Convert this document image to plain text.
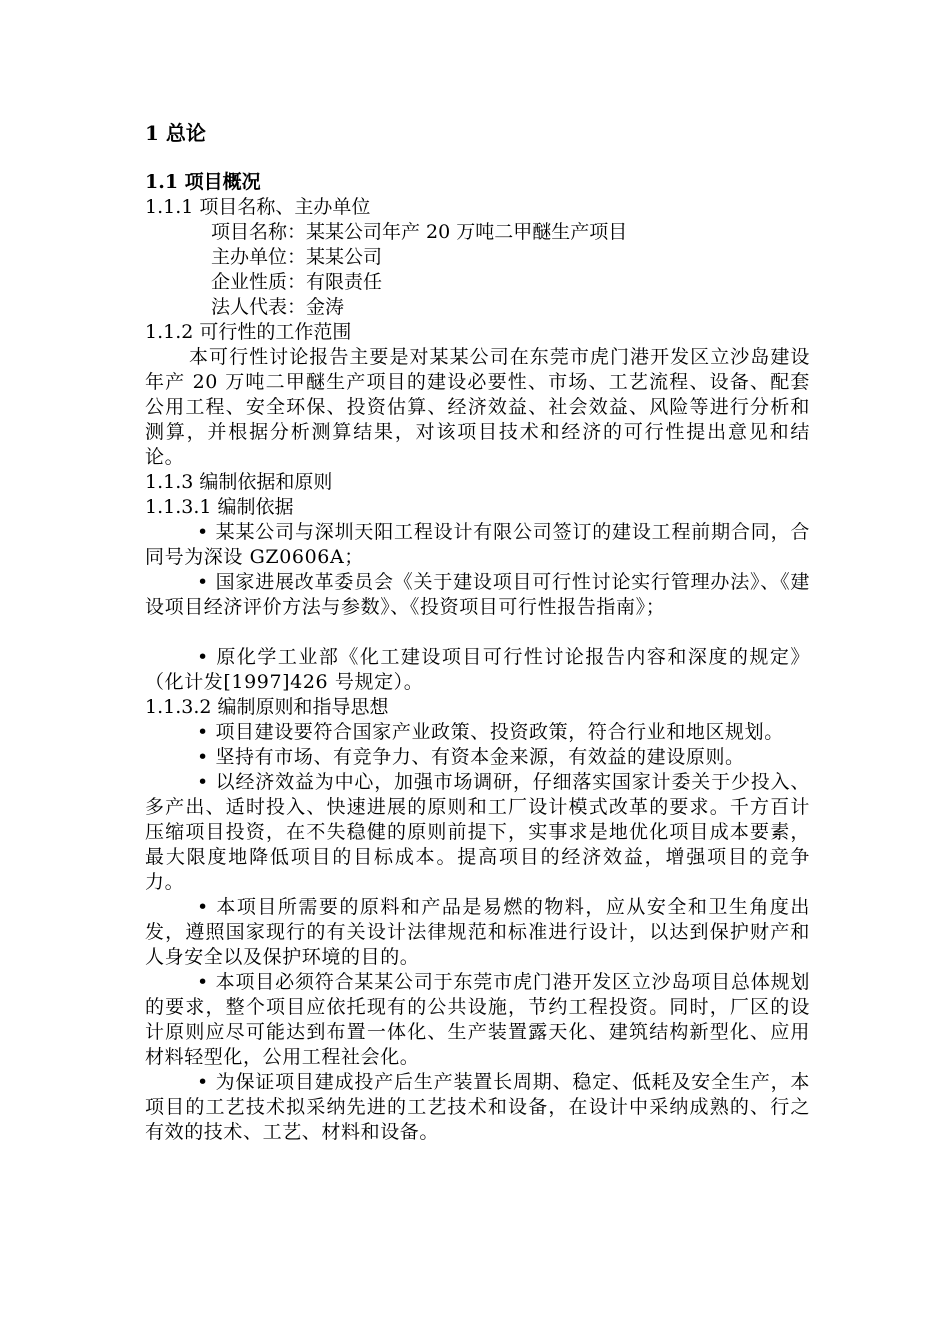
1 总论
1.1 项目概况
1.1.1 项目名称、主办单位
项目名称：某某公司年产 20 万吨二甲醚生产项目
主办单位：某某公司
企业性质：有限责任
法人代表：金涛
1.1.2 可行性的工作范围

本可行性讨论报告主要是对某某公司在东莞市虎门港开发区立沙岛建设年产 20 万吨二甲醚生产项目的建设必要性、市场、工艺流程、设备、配套公用工程、安全环保、投资估算、经济效益、社会效益、风险等进行分析和测算，并根据分析测算结果，对该项目技术和经济的可行性提出意见和结论。

1.1.3 编制依据和原则
1.1.3.1 编制依据

• 某某公司与深圳天阳工程设计有限公司签订的建设工程前期合同，合同号为深设 GZ0606A；

• 国家进展改革委员会《关于建设项目可行性讨论实行管理办法》、《建设项目经济评价方法与参数》、《投资项目可行性报告指南》；

• 原化学工业部《化工建设项目可行性讨论报告内容和深度的规定》（化计发[1997]426 号规定）。

1.1.3.2 编制原则和指导思想

• 项目建设要符合国家产业政策、投资政策，符合行业和地区规划。

• 坚持有市场、有竞争力、有资本金来源，有效益的建设原则。

• 以经济效益为中心，加强市场调研，仔细落实国家计委关于少投入、多产出、适时投入、快速进展的原则和工厂设计模式改革的要求。千方百计压缩项目投资，在不失稳健的原则前提下，实事求是地优化项目成本要素，最大限度地降低项目的目标成本。提高项目的经济效益，增强项目的竞争力。

• 本项目所需要的原料和产品是易燃的物料，应从安全和卫生角度出发，遵照国家现行的有关设计法律规范和标准进行设计，以达到保护财产和人身安全以及保护环境的目的。

• 本项目必须符合某某公司于东莞市虎门港开发区立沙岛项目总体规划的要求，整个项目应依托现有的公共设施，节约工程投资。同时，厂区的设计原则应尽可能达到布置一体化、生产装置露天化、建筑结构新型化、应用材料轻型化，公用工程社会化。

• 为保证项目建成投产后生产装置长周期、稳定、低耗及安全生产，本项目的工艺技术拟采纳先进的工艺技术和设备，在设计中采纳成熟的、行之有效的技术、工艺、材料和设备。
